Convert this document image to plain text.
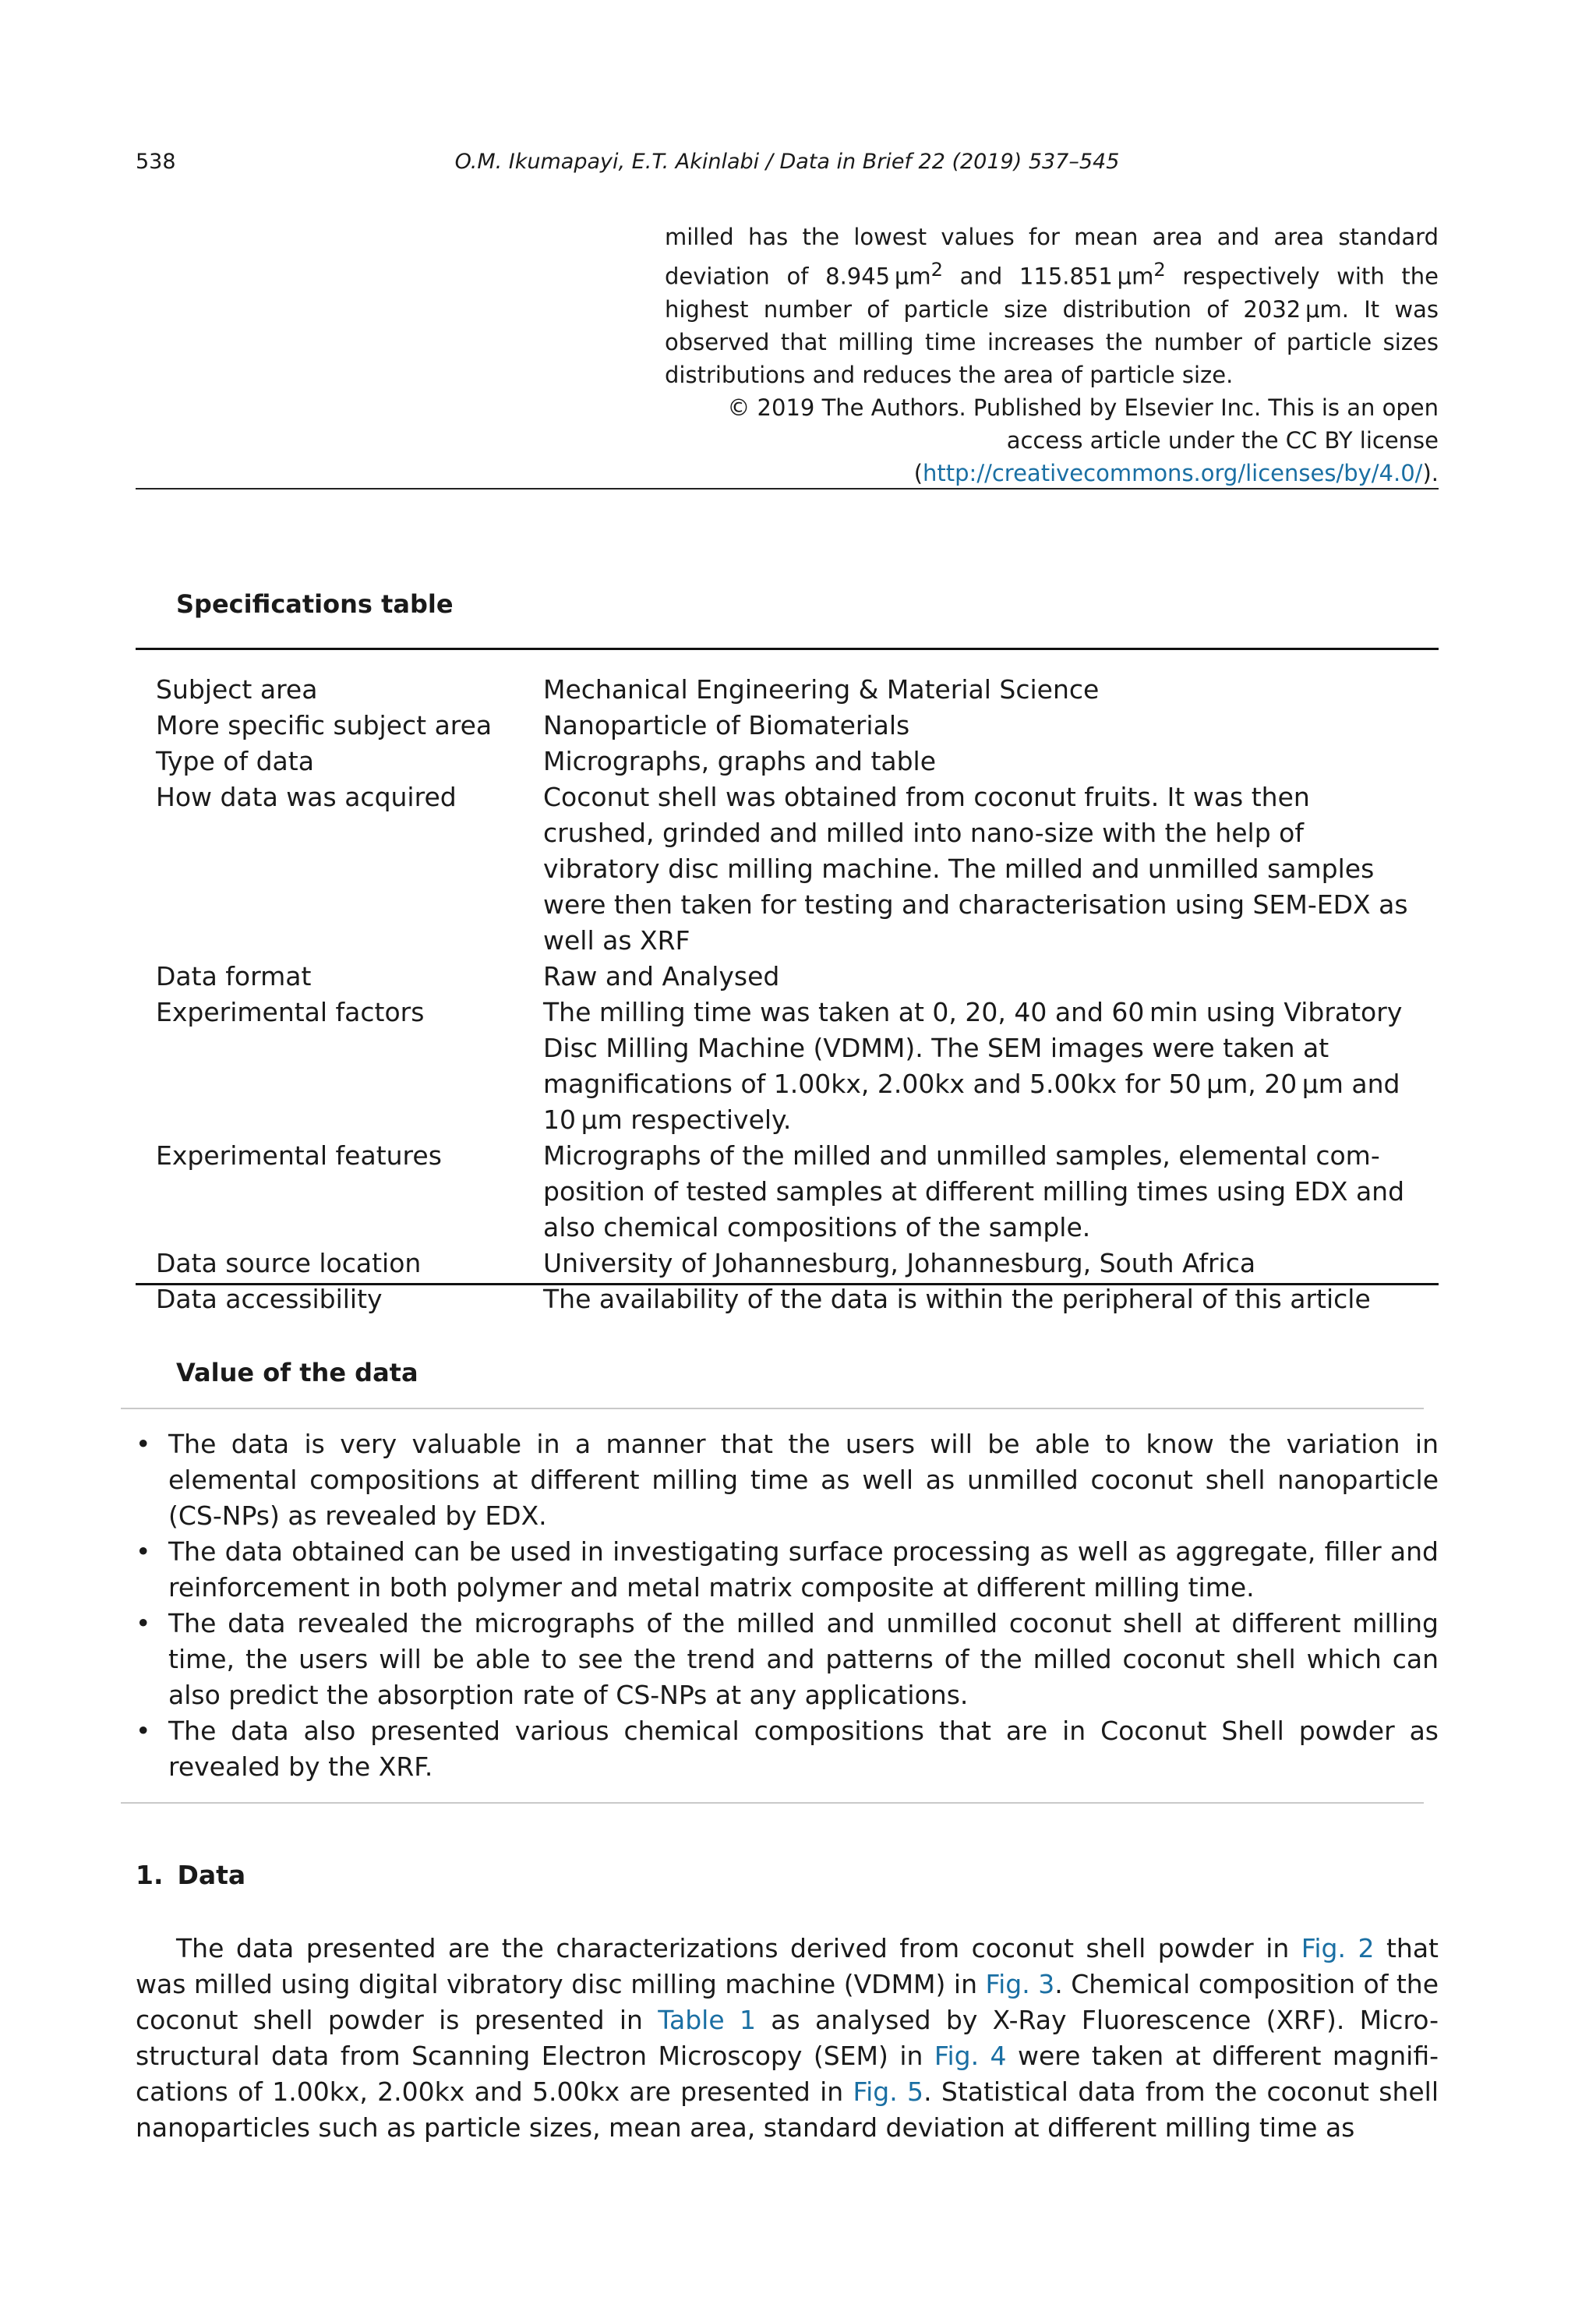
538	O.M. Ikumapayi, E.T. Akinlabi / Data in Brief 22 (2019) 537–545

milled has the lowest values for mean area and area standard deviation of 8.945 $\mu m^2$ and 115.851 $\mu m^2$ respectively with the highest number of particle size distribution of 2032 μm. It was observed that milling time increases the number of particle sizes distributions and reduces the area of particle size.

© 2019 The Authors. Published by Elsevier Inc. This is an open

access article under the CC BY license

(http://creativecommons.org/licenses/by/4.0/).

Specifications table
Subject area	Mechanical Engineering & Material Science
More specific subject area	Nanoparticle of Biomaterials
Type of data	Micrographs, graphs and table
How data was acquired	Coconut shell was obtained from coconut fruits. It was then crushed, grinded and milled into nano-size with the help of vibratory disc milling machine. The milled and unmilled samples were then taken for testing and characterisation using SEM-EDX as well as XRF
Data format	Raw and Analysed
Experimental factors	The milling time was taken at 0, 20, 40 and 60 min using Vibratory Disc Milling Machine (VDMM). The SEM images were taken at magnifications of 1.00kx, 2.00kx and 5.00kx for 50 μm, 20 μm and 10 μm respectively.
Experimental features	Micrographs of the milled and unmilled samples, elemental com-position of tested samples at different milling times using EDX and also chemical compositions of the sample.
Data source location	University of Johannesburg, Johannesburg, South Africa
Data accessibility	The availability of the data is within the peripheral of this article
Value of the data
• The data is very valuable in a manner that the users will be able to know the variation in elemental compositions at different milling time as well as unmilled coconut shell nanoparticle (CS-NPs) as revealed by EDX.
• The data obtained can be used in investigating surface processing as well as aggregate, filler and reinforcement in both polymer and metal matrix composite at different milling time.
• The data revealed the micrographs of the milled and unmilled coconut shell at different milling time, the users will be able to see the trend and patterns of the milled coconut shell which can also predict the absorption rate of CS-NPs at any applications.
• The data also presented various chemical compositions that are in Coconut Shell powder as revealed by the XRF.
1. Data

The data presented are the characterizations derived from coconut shell powder in Fig. 2 that was milled using digital vibratory disc milling machine (VDMM) in Fig. 3. Chemical composition of the coconut shell powder is presented in Table 1 as analysed by X-Ray Fluorescence (XRF). Micro-structural data from Scanning Electron Microscopy (SEM) in Fig. 4 were taken at different magnifi-cations of 1.00kx, 2.00kx and 5.00kx are presented in Fig. 5. Statistical data from the coconut shell nanoparticles such as particle sizes, mean area, standard deviation at different milling time as
